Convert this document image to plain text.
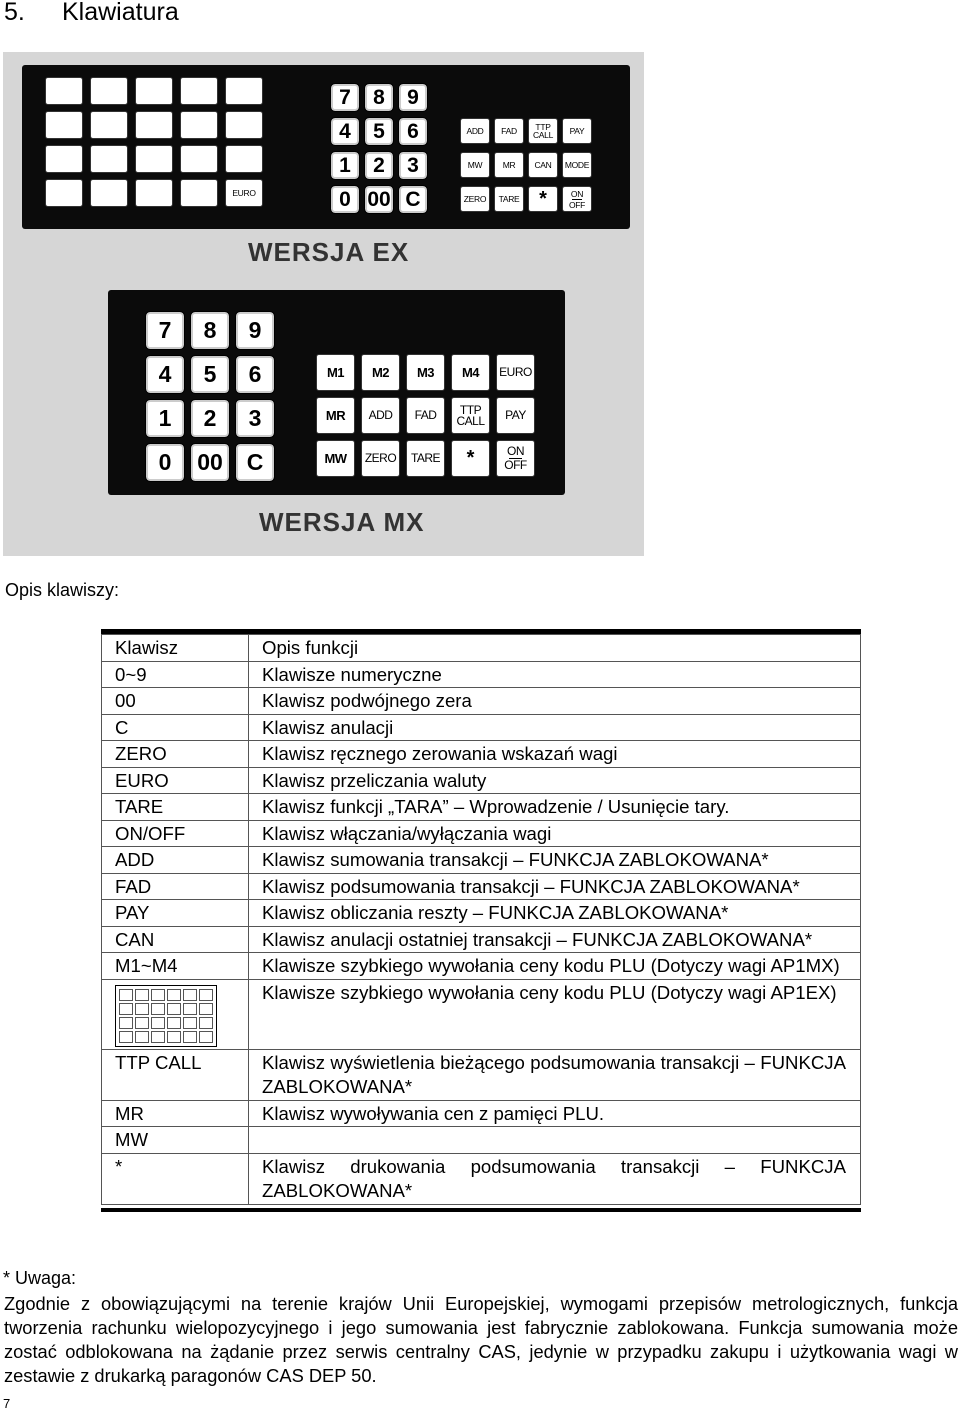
5. Klawiatura
WERSJA EX
WERSJA MX
EURO
7	8	9
4	5	6
1	2	3
0 00 C
ADD	FAD	TTP
CALL	PAY
MW	MR	CAN	MODE
ZERO	TARE *	ON
OFF
7	8	9
4	5	6
1	2	3
0	00	C
M1	M2	M3	M4	EURO
MR	ADD	FAD	TTP
CALL	PAY
MW	ZERO	TARE	*	ON
OFF

Opis klawiszy:

Klawisz	Opis funkcji
0~9	Klawisze numeryczne
00	Klawisz podwójnego zera
C	Klawisz anulacji
ZERO	Klawisz ręcznego zerowania wskazań wagi
EURO	Klawisz przeliczania waluty
TARE	Klawisz funkcji „TARA” – Wprowadzenie / Usunięcie tary.
ON/OFF	Klawisz włączania/wyłączania wagi
ADD	Klawisz sumowania transakcji – FUNKCJA ZABLOKOWANA*
FAD	Klawisz podsumowania transakcji – FUNKCJA ZABLOKOWANA*
PAY	Klawisz obliczania reszty – FUNKCJA ZABLOKOWANA*
CAN	Klawisz anulacji ostatniej transakcji – FUNKCJA ZABLOKOWANA*
M1~M4	Klawisze szybkiego wywołania ceny kodu PLU (Dotyczy wagi AP1MX)

	Klawisze szybkiego wywołania ceny kodu PLU (Dotyczy wagi AP1EX)
TTP CALL	Klawisz wyświetlenia bieżącego podsumowania transakcji – FUNKCJA ZABLOKOWANA*
MR	Klawisz wywoływania cen z pamięci PLU.
MW	
*	Klawisz drukowania podsumowania transakcji – FUNKCJA ZABLOKOWANA*

* Uwaga:

Zgodnie z obowiązującymi na terenie krajów Unii Europejskiej, wymogami przepisów metrologicznych, funkcja tworzenia rachunku wielopozycyjnego i jego sumowania jest fabrycznie zablokowana. Funkcja sumowania może zostać odblokowana na żądanie przez serwis centralny CAS, jedynie w przypadku zakupu i użytkowania wagi w zestawie z drukarką paragonów CAS DEP 50.

7
